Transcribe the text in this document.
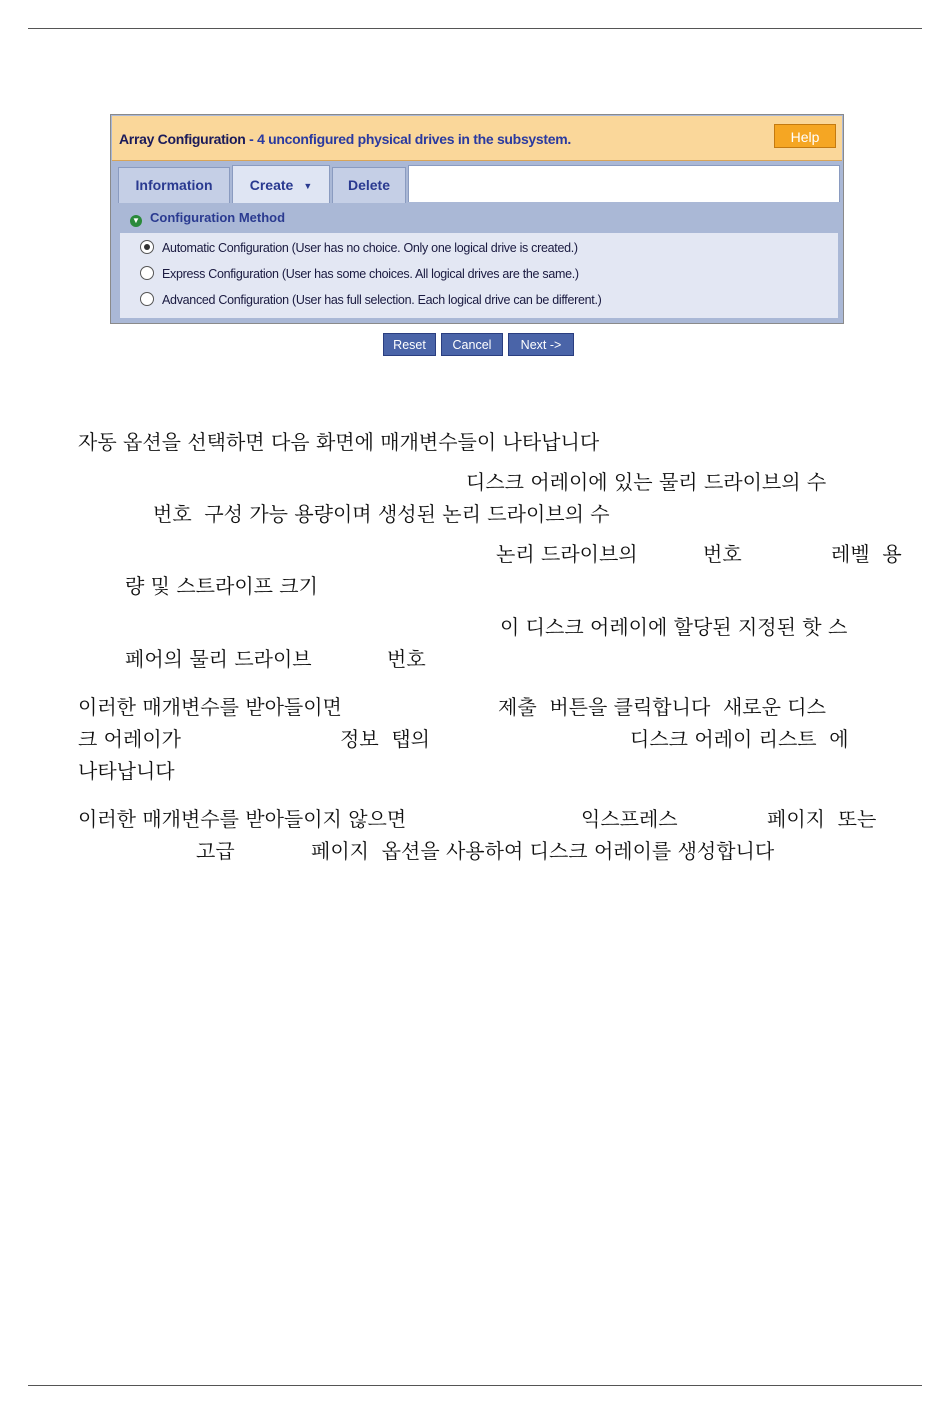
Array Configuration - 4 unconfigured physical drives in the subsystem.	Help
Information	Create ▼	Delete
▼ Configuration Method
Automatic Configuration (User has no choice. Only one logical drive is created.)
Express Configuration (User has some choices. All logical drives are the same.)
Advanced Configuration (User has full selection. Each logical drive can be different.)
Reset	Cancel	Next ->
자동 옵션을 선택하면 다음 화면에 매개변수들이 나타납니다
디스크 어레이에 있는 물리 드라이브의 수
번호  구성 가능 용량이며 생성된 논리 드라이브의 수
논리 드라이브의	번호	레벨  용
량 및 스트라이프 크기
이 디스크 어레이에 할당된 지정된 핫 스
페어의 물리 드라이브	번호
이러한 매개변수를 받아들이면	제출  버튼을 클릭합니다  새로운 디스
크 어레이가	정보  탭의	디스크 어레이 리스트  에
나타납니다
이러한 매개변수를 받아들이지 않으면	익스프레스	페이지  또는
고급	페이지  옵션을 사용하여 디스크 어레이를 생성합니다
